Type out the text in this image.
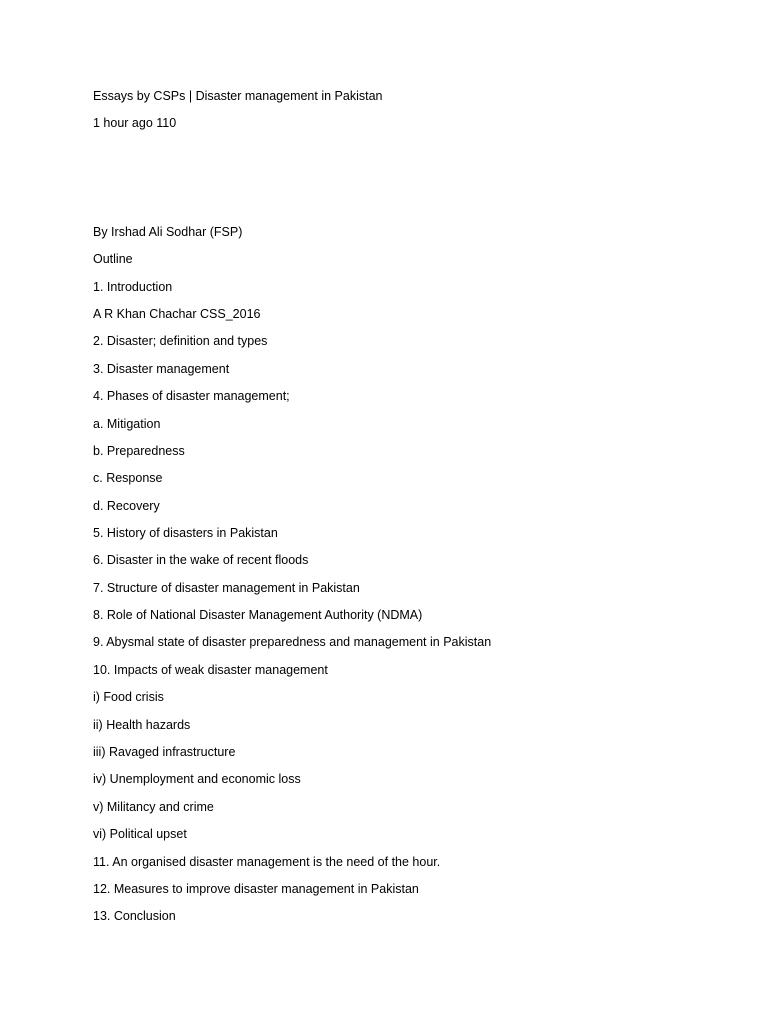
Essays by CSPs | Disaster management in Pakistan
1 hour ago 110
By Irshad Ali Sodhar (FSP)
Outline
1. Introduction
A R Khan Chachar CSS_2016
2. Disaster; definition and types
3. Disaster management
4. Phases of disaster management;
a. Mitigation
b. Preparedness
c. Response
d. Recovery
5. History of disasters in Pakistan
6. Disaster in the wake of recent floods
7. Structure of disaster management in Pakistan
8. Role of National Disaster Management Authority (NDMA)
9. Abysmal state of disaster preparedness and management in Pakistan
10. Impacts of weak disaster management
i) Food crisis
ii) Health hazards
iii) Ravaged infrastructure
iv) Unemployment and economic loss
v) Militancy and crime
vi) Political upset
11. An organised disaster management is the need of the hour.
12. Measures to improve disaster management in Pakistan
13. Conclusion
